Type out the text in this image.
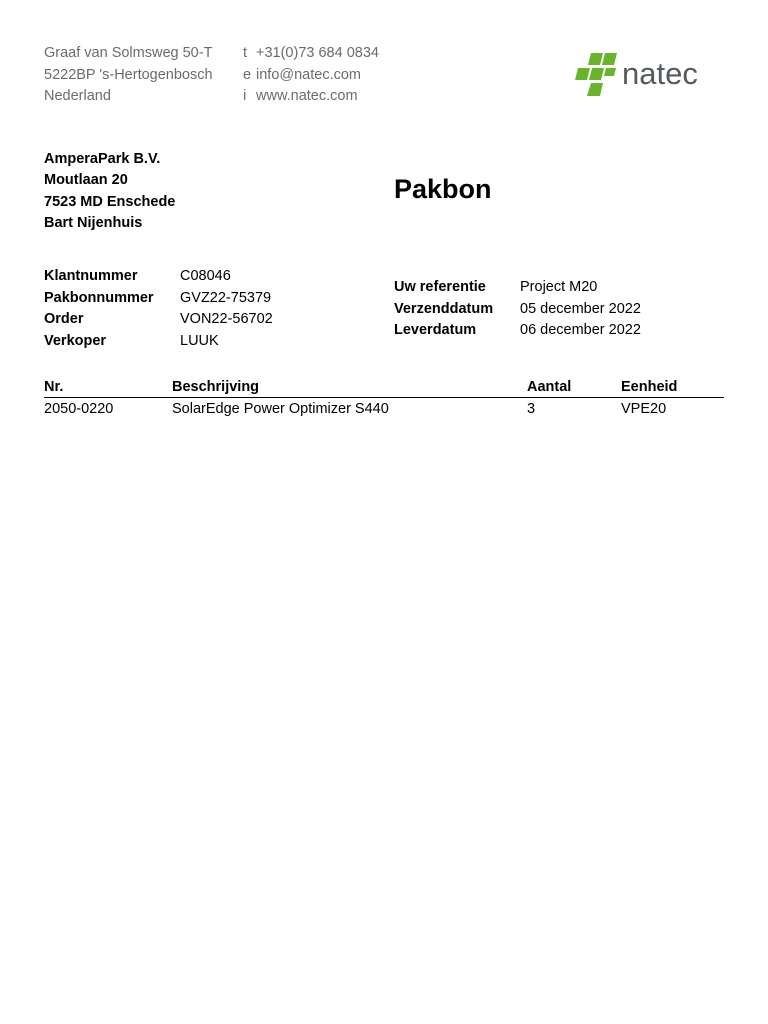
Graaf van Solmsweg 50-T
5222BP 's-Hertogenbosch
Nederland
t +31(0)73 684 0834
e info@natec.com
i www.natec.com
natec
AmperaPark B.V.
Moutlaan 20
7523 MD Enschede
Bart Nijenhuis
Pakbon
Klantnummer	C08046
Pakbonnummer	GVZ22-75379
Order	VON22-56702
Verkoper	LUUK
Uw referentie	Project M20
Verzenddatum	05 december 2022
Leverdatum	06 december 2022
Nr.	Beschrijving	Aantal	Eenheid
2050-0220	SolarEdge Power Optimizer S440	3	VPE20
